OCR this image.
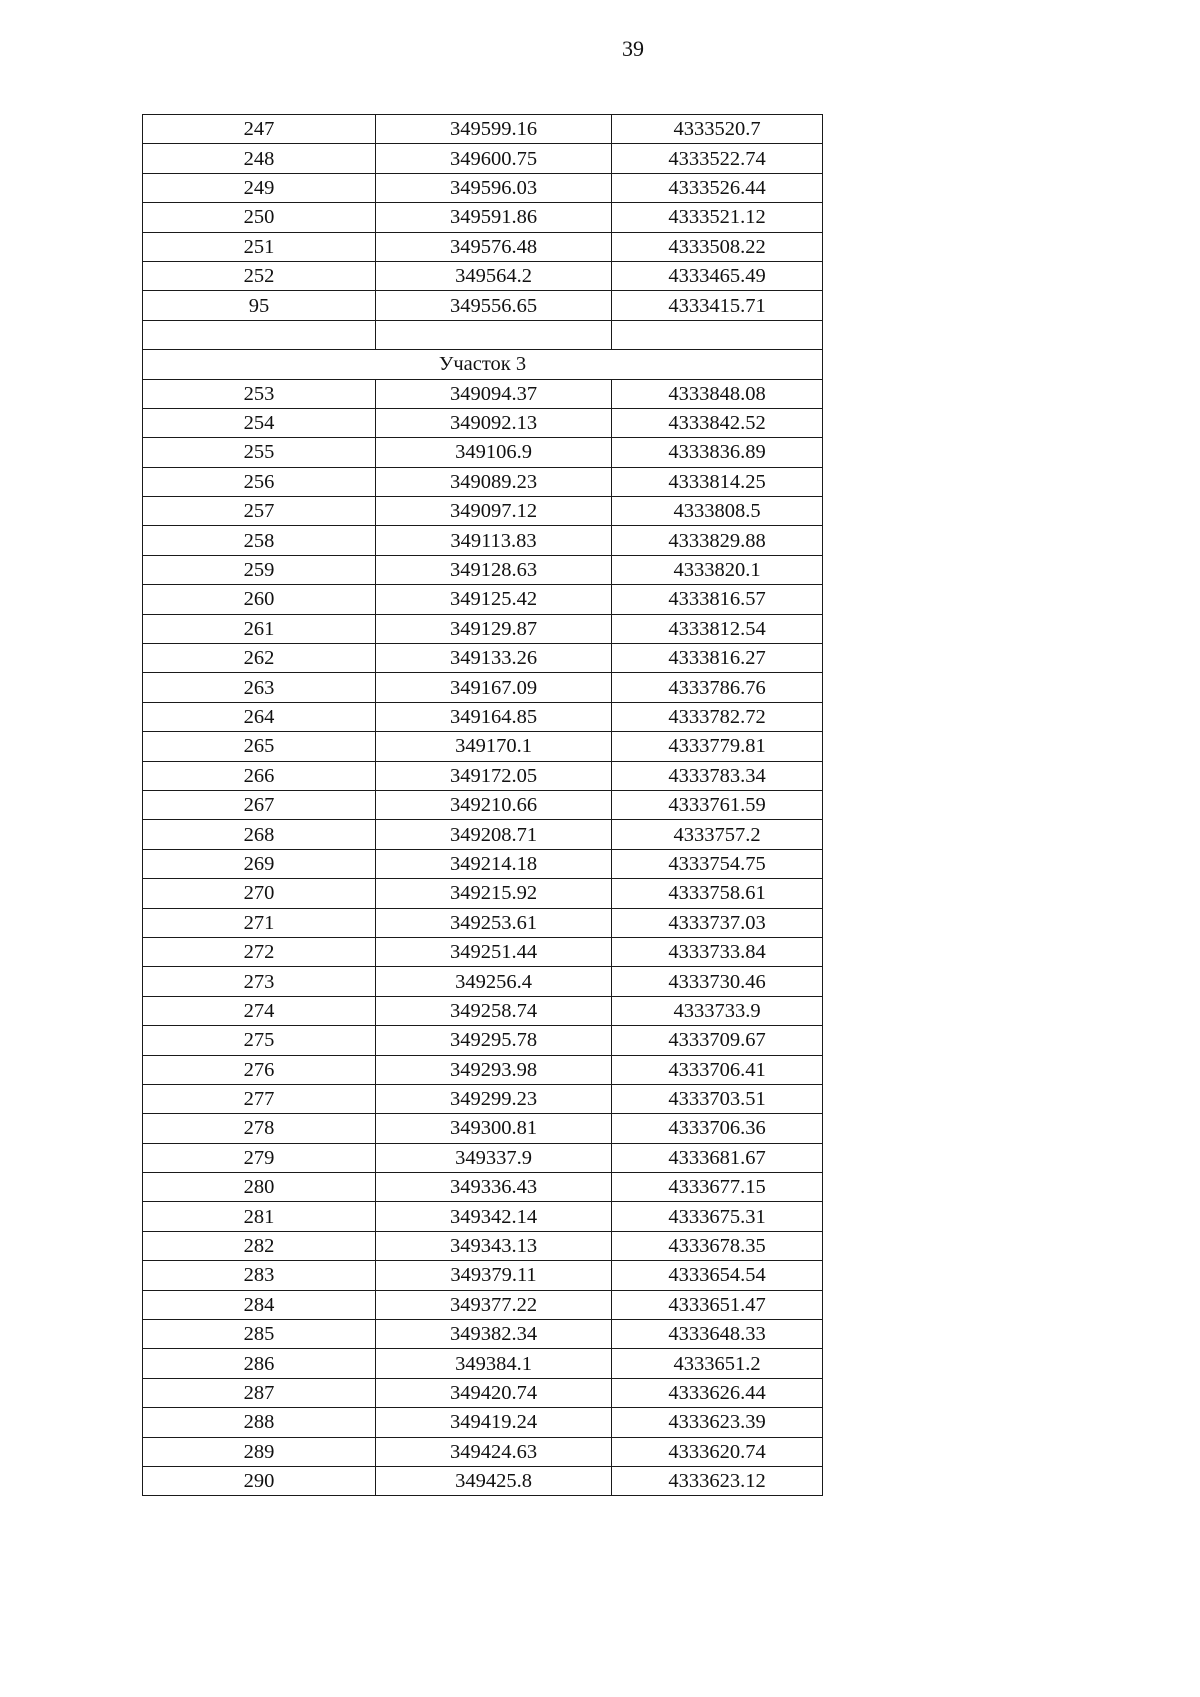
39
247	349599.16	4333520.7
248	349600.75	4333522.74
249	349596.03	4333526.44
250	349591.86	4333521.12
251	349576.48	4333508.22
252	349564.2	4333465.49
95	349556.65	4333415.71

Участок 3		
253	349094.37	4333848.08
254	349092.13	4333842.52
255	349106.9	4333836.89
256	349089.23	4333814.25
257	349097.12	4333808.5
258	349113.83	4333829.88
259	349128.63	4333820.1
260	349125.42	4333816.57
261	349129.87	4333812.54
262	349133.26	4333816.27
263	349167.09	4333786.76
264	349164.85	4333782.72
265	349170.1	4333779.81
266	349172.05	4333783.34
267	349210.66	4333761.59
268	349208.71	4333757.2
269	349214.18	4333754.75
270	349215.92	4333758.61
271	349253.61	4333737.03
272	349251.44	4333733.84
273	349256.4	4333730.46
274	349258.74	4333733.9
275	349295.78	4333709.67
276	349293.98	4333706.41
277	349299.23	4333703.51
278	349300.81	4333706.36
279	349337.9	4333681.67
280	349336.43	4333677.15
281	349342.14	4333675.31
282	349343.13	4333678.35
283	349379.11	4333654.54
284	349377.22	4333651.47
285	349382.34	4333648.33
286	349384.1	4333651.2
287	349420.74	4333626.44
288	349419.24	4333623.39
289	349424.63	4333620.74
290	349425.8	4333623.12
